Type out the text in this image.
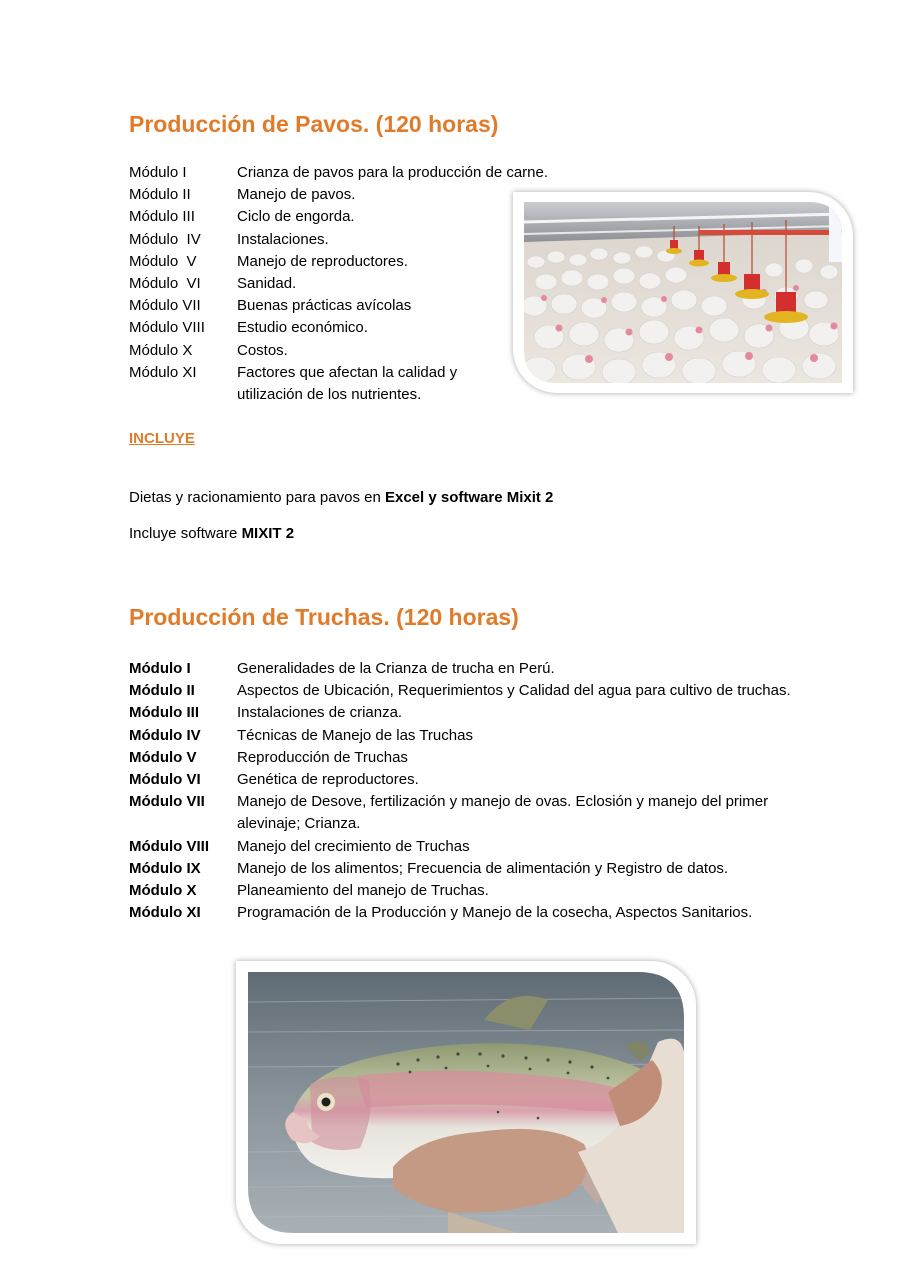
Producción de Pavos. (120 horas)
Módulo I	Crianza de pavos para la producción de carne.
Módulo II	Manejo de pavos.
Módulo III	Ciclo de engorda.
Módulo  IV	Instalaciones.
Módulo  V	Manejo de reproductores.
Módulo  VI	Sanidad.
Módulo VII	Buenas prácticas avícolas
Módulo VIII	Estudio económico.
Módulo X	Costos.
Módulo XI	Factores que afectan la calidad y utilización de los nutrientes.
INCLUYE

Dietas y racionamiento para pavos en Excel y software Mixit 2

Incluye software MIXIT 2

Producción de Truchas. (120 horas)
Módulo I	Generalidades de la Crianza de trucha en Perú.
Módulo II	Aspectos de Ubicación, Requerimientos y Calidad del agua para cultivo de truchas.
Módulo III	Instalaciones de crianza.
Módulo IV	Técnicas de Manejo de las Truchas
Módulo V	Reproducción de Truchas
Módulo VI	Genética de reproductores.
Módulo VII	Manejo de Desove, fertilización y manejo de ovas. Eclosión y manejo del primer alevinaje; Crianza.
Módulo VIII	Manejo del crecimiento de Truchas
Módulo IX	Manejo de los alimentos; Frecuencia de alimentación y Registro de datos.
Módulo X	Planeamiento del manejo de Truchas.
Módulo XI	Programación de la Producción y Manejo de la cosecha, Aspectos Sanitarios.
